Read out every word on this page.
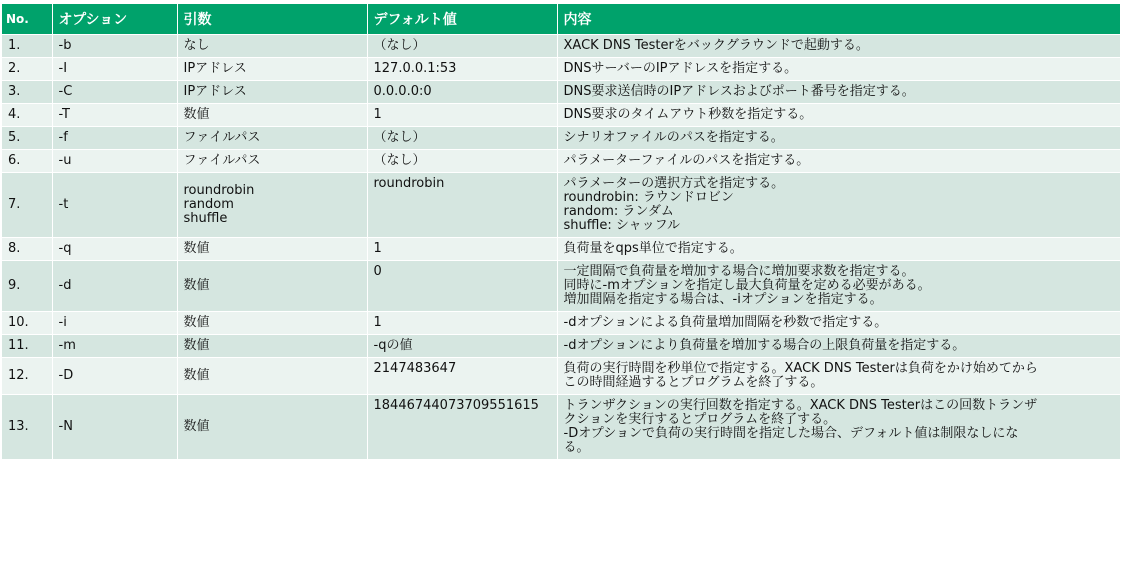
No.	オプション	引数	デフォルト値	内容
1.	-b	なし	（なし）	XACK DNS Testerをバックグラウンドで起動する。

2.	-I	IPアドレス	127.0.0.1:53	DNSサーバーのIPアドレスを指定する。

3.	-C	IPアドレス	0.0.0.0:0	DNS要求送信時のIPアドレスおよびポート番号を指定する。

4.	-T	数値	1	DNS要求のタイムアウト秒数を指定する。

5.	-f	ファイルパス	（なし）	シナリオファイルのパスを指定する。

6.	-u	ファイルパス	（なし）	パラメーターファイルのパスを指定する。

7.	-t	roundrobin
random
shuffle	roundrobin	パラメーターの選択方式を指定する。
roundrobin: ラウンドロビン
random: ランダム
shuffle: シャッフル

8.	-q	数値	1	負荷量をqps単位で指定する。

9.	-d	数値	0	一定間隔で負荷量を増加する場合に増加要求数を指定する。
同時に-mオプションを指定し最大負荷量を定める必要がある。
増加間隔を指定する場合は、-iオプションを指定する。

10.	-i	数値	1	-dオプションによる負荷量増加間隔を秒数で指定する。

11.	-m	数値	-qの値	-dオプションにより負荷量を増加する場合の上限負荷量を指定する。

12.	-D	数値	2147483647	負荷の実行時間を秒単位で指定する。XACK DNS Testerは負荷をかけ始めてから
この時間経過するとプログラムを終了する。

13.	-N	数値	18446744073709551615	トランザクションの実行回数を指定する。XACK DNS Testerはこの回数トランザ
クションを実行するとプログラムを終了する。
-Dオプションで負荷の実行時間を指定した場合、デフォルト値は制限なしにな
る。
